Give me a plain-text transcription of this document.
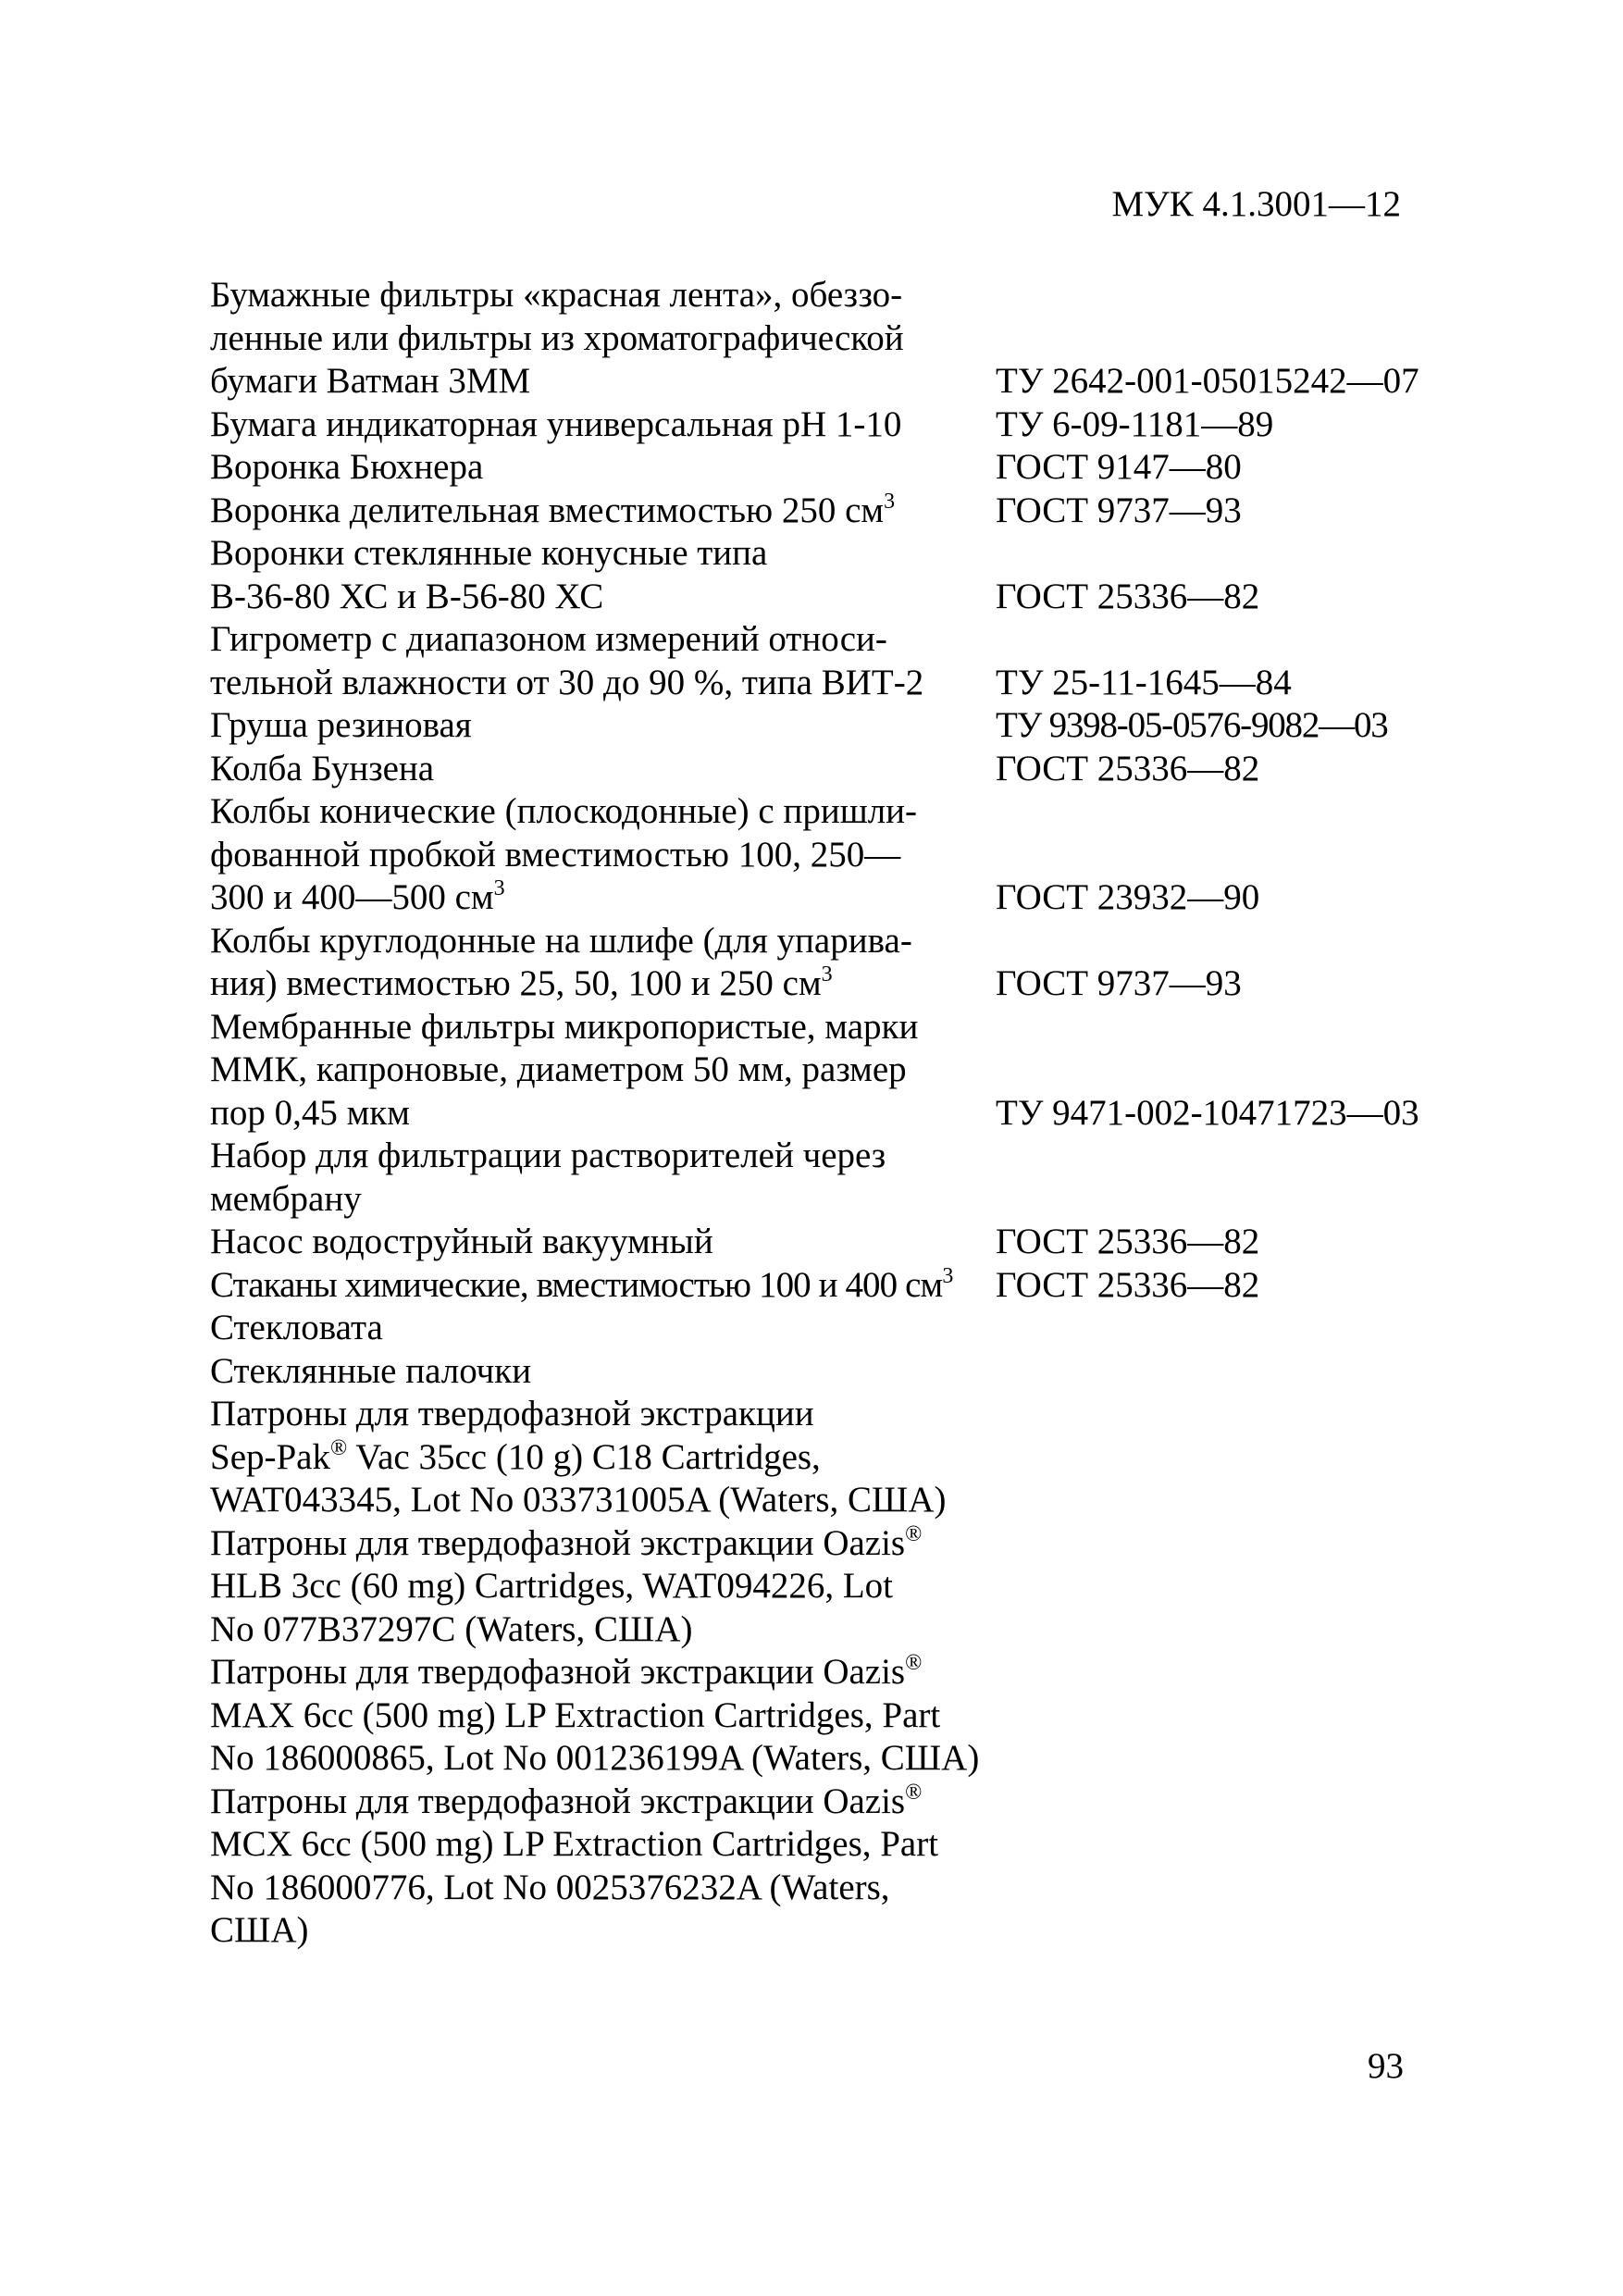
МУК 4.1.3001—12
Бумажные фильтры «красная лента», обеззо-
ленные или фильтры из хроматографической
бумаги Ватман 3ММ	ТУ 2642-001-05015242—07
Бумага индикаторная универсальная рН 1-10	ТУ 6-09-1181—89
Воронка Бюхнера	ГОСТ 9147—80
Воронка делительная вместимостью 250 $см^3$	ГОСТ 9737—93
Воронки стеклянные конусные типа
В-36-80 ХС и В-56-80 ХС	ГОСТ 25336—82
Гигрометр с диапазоном измерений относи-
тельной влажности от 30 до 90 %, типа ВИТ-2	ТУ 25-11-1645—84
Груша резиновая	ТУ 9398-05-0576-9082—03
Колба Бунзена	ГОСТ 25336—82
Колбы конические (плоскодонные) с пришли-
фованной пробкой вместимостью 100, 250—
300 и 400—500 $см^3$	ГОСТ 23932—90
Колбы круглодонные на шлифе (для упарива-
ния) вместимостью 25, 50, 100 и 250 $см^3$	ГОСТ 9737—93
Мембранные фильтры микропористые, марки
ММК, капроновые, диаметром 50 мм, размер
пор 0,45 мкм	ТУ 9471-002-10471723—03
Набор для фильтрации растворителей через
мембрану
Насос водоструйный вакуумный	ГОСТ 25336—82
Стаканы химические, вместимостью 100 и 400 $см^3$	ГОСТ 25336—82
Стекловата
Стеклянные палочки
Патроны для твердофазной экстракции
Sep-Pak® Vac 35cc (10 g) C18 Cartridges,
WAT043345, Lot No 033731005A (Waters, США)
Патроны для твердофазной экстракции Oazis®
HLB 3cc (60 mg) Cartridges, WAT094226, Lot
No 077B37297C (Waters, США)
Патроны для твердофазной экстракции Oazis®
MAX 6cc (500 mg) LP Extraction Cartridges, Part
No 186000865, Lot No 001236199A (Waters, США)
Патроны для твердофазной экстракции Oazis®
MCX 6cc (500 mg) LP Extraction Cartridges, Part
No 186000776, Lot No 0025376232A (Waters,
США)
93
